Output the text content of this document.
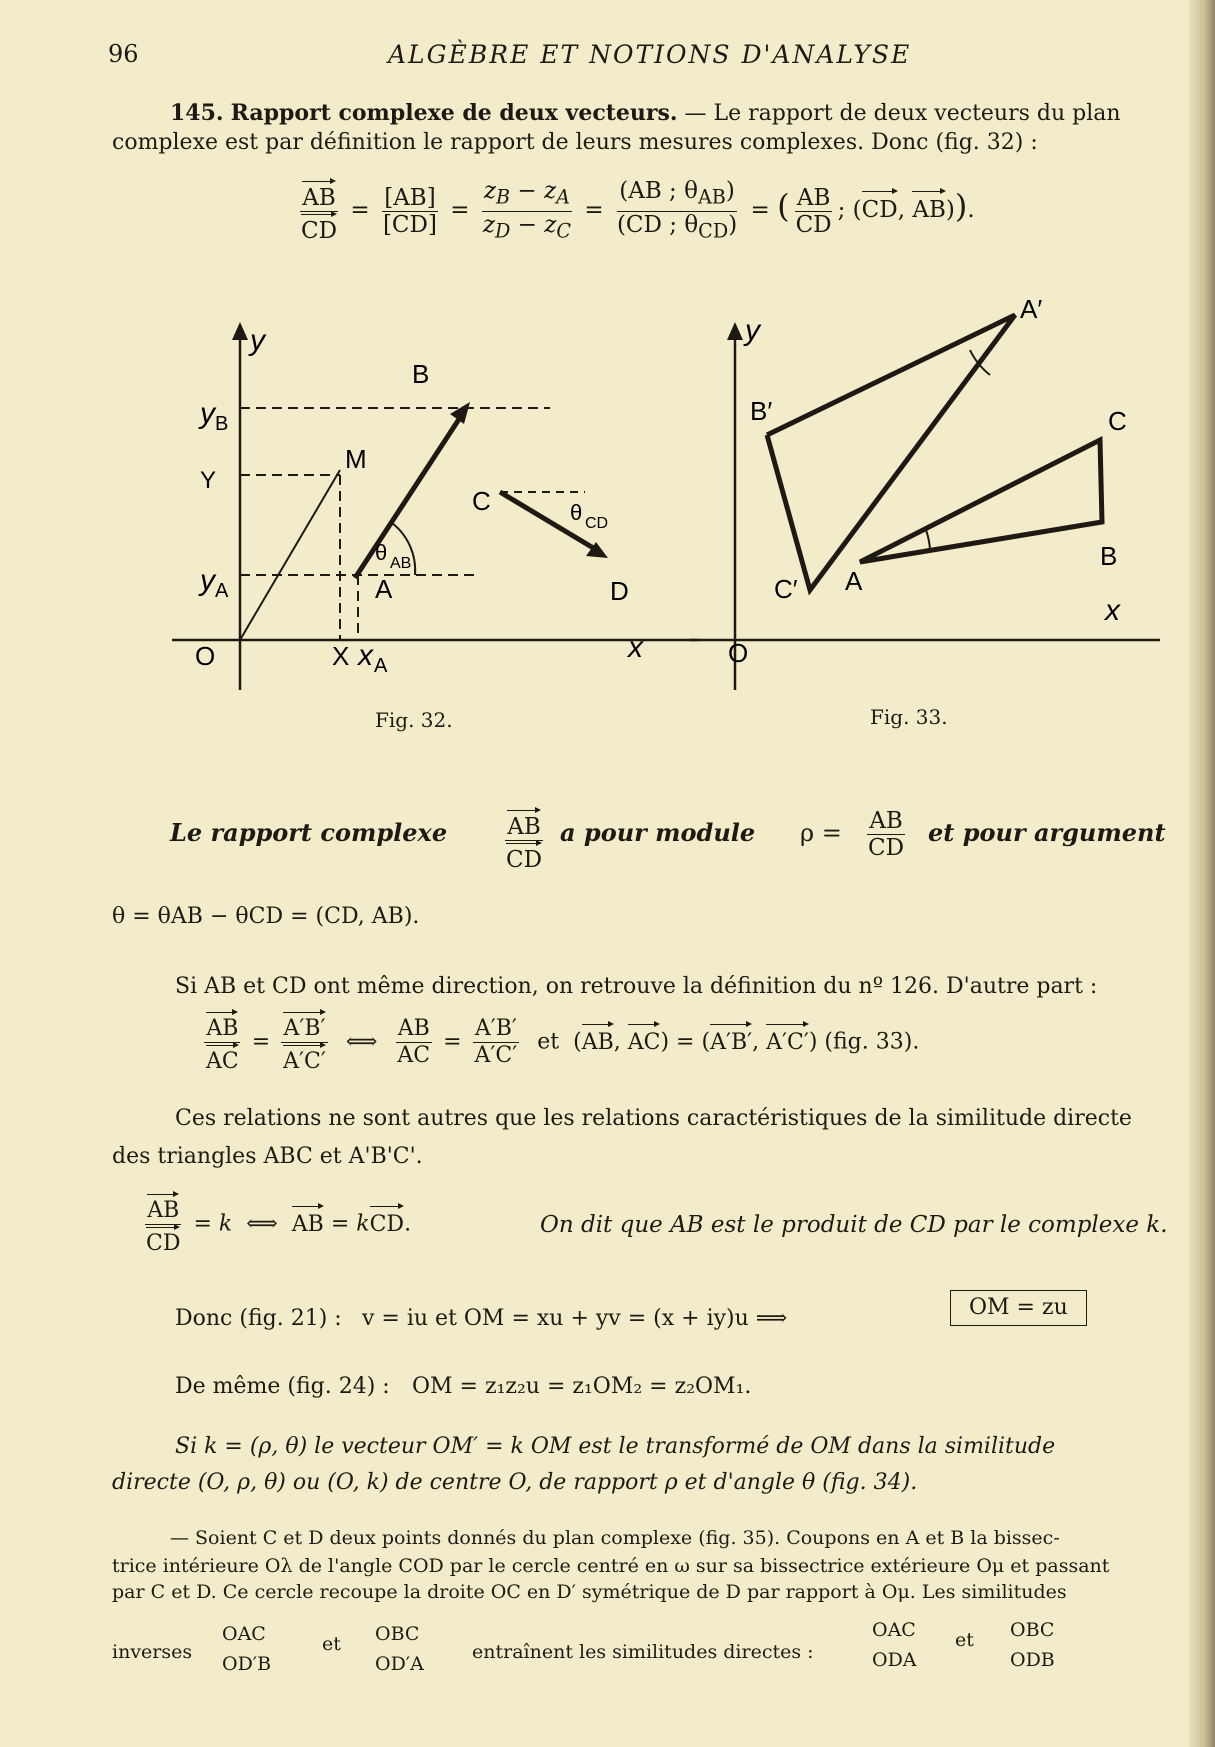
96	ALGÈBRE ET NOTIONS D'ANALYSE
145. Rapport complexe de deux vecteurs. — Le rapport de deux vecteurs du plan
complexe est par définition le rapport de leurs mesures complexes. Donc (fig. 32) :
$\frac{AB}{CD} = \frac{[AB]}{[CD]} = \frac{z_B - z_A}{z_D - z_C} = \frac{(AB ; \theta_{AB})}{(CD ; \theta_{CD})}$ = ( $\frac{AB}{CD}$ ; (CD, AB)).
y
y B
Y
y A
O	X x A
B
M
A
θ AB
C	θ CD
D
x
Fig. 32.
y
O
x
A′
B′
C′ A
C
B
Fig. 33.
Le rapport complexe $\frac{AB}{CD}$ a pour module $\rho = \frac{AB}{CD}$ et pour argument
θ = θAB − θCD = (CD, AB).
Si AB et CD ont même direction, on retrouve la définition du nº 126. D'autre part :
$\frac{AB}{AC} = \frac{A'B'}{A'C'}$ ⟺ $\frac{AB}{AC} = \frac{A'B'}{A'C'}$ et  (AB, AC) = (A′B′, A′C′) (fig. 33).
Ces relations ne sont autres que les relations caractéristiques de la similitude directe
des triangles ABC et A'B'C'.
$\frac{AB}{CD} = k$  ⟺  AB = kCD.	On dit que AB est le produit de CD par le complexe k.
Donc (fig. 21) : v = iu et OM = xu + yv = (x + iy)u ⟹	OM = zu
De même (fig. 24) : OM = z₁z₂u = z₁OM₂ = z₂OM₁.
Si k = (ρ, θ) le vecteur OM′ = k OM est le transformé de OM dans la similitude
directe (O, ρ, θ) ou (O, k) de centre O, de rapport ρ et d'angle θ (fig. 34).
— Soient C et D deux points donnés du plan complexe (fig. 35). Coupons en A et B la bissec-
trice intérieure Oλ de l'angle COD par le cercle centré en ω sur sa bissectrice extérieure Oμ et passant
par C et D. Ce cercle recoupe la droite OC en D′ symétrique de D par rapport à Oμ. Les similitudes
inverses
OAC
OD′B
et OBC
OD′A
entraînent les similitudes directes :
OAC
ODA
et OBC
ODB
